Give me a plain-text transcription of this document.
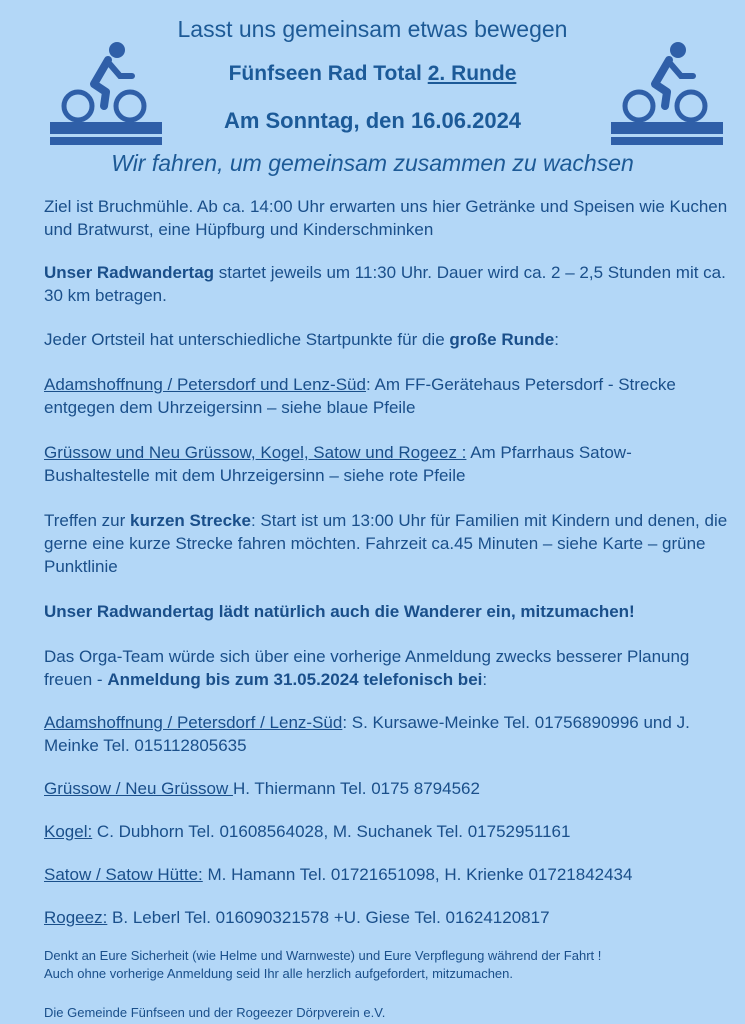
Lasst uns gemeinsam etwas bewegen
Fünfseen Rad Total 2. Runde
Am Sonntag, den 16.06.2024
Wir fahren, um gemeinsam zusammen zu wachsen

Ziel ist Bruchmühle. Ab ca. 14:00 Uhr erwarten uns hier Getränke und Speisen wie Kuchen und Bratwurst, eine Hüpfburg und Kinderschminken

Unser Radwandertag startet jeweils um 11:30 Uhr. Dauer wird ca. 2 – 2,5 Stunden mit ca. 30 km betragen.

Jeder Ortsteil hat unterschiedliche Startpunkte für die große Runde:

Adamshoffnung / Petersdorf und Lenz-Süd: Am FF-Gerätehaus Petersdorf - Strecke entgegen dem Uhrzeigersinn – siehe blaue Pfeile

Grüssow und Neu Grüssow, Kogel, Satow und Rogeez : Am Pfarrhaus Satow-Bushaltestelle mit dem Uhrzeigersinn – siehe rote Pfeile

Treffen zur kurzen Strecke: Start ist um 13:00 Uhr für Familien mit Kindern und denen, die gerne eine kurze Strecke fahren möchten. Fahrzeit ca.45 Minuten – siehe Karte – grüne Punktlinie

Unser Radwandertag lädt natürlich auch die Wanderer ein, mitzumachen!

Das Orga-Team würde sich über eine vorherige Anmeldung zwecks besserer Planung freuen - Anmeldung bis zum 31.05.2024 telefonisch bei:

Adamshoffnung / Petersdorf / Lenz-Süd: S. Kursawe-Meinke Tel. 01756890996 und J. Meinke Tel. 015112805635

Grüssow / Neu Grüssow H. Thiermann Tel. 0175 8794562

Kogel: C. Dubhorn Tel. 01608564028, M. Suchanek Tel. 01752951161

Satow / Satow Hütte: M. Hamann Tel. 01721651098, H. Krienke 01721842434

Rogeez: B. Leberl Tel. 016090321578 +U. Giese Tel. 01624120817

Denkt an Eure Sicherheit (wie Helme und Warnweste) und Eure Verpflegung während der Fahrt !

Auch ohne vorherige Anmeldung seid Ihr alle herzlich aufgefordert, mitzumachen.

Die Gemeinde Fünfseen und der Rogeezer Dörpverein e.V.
